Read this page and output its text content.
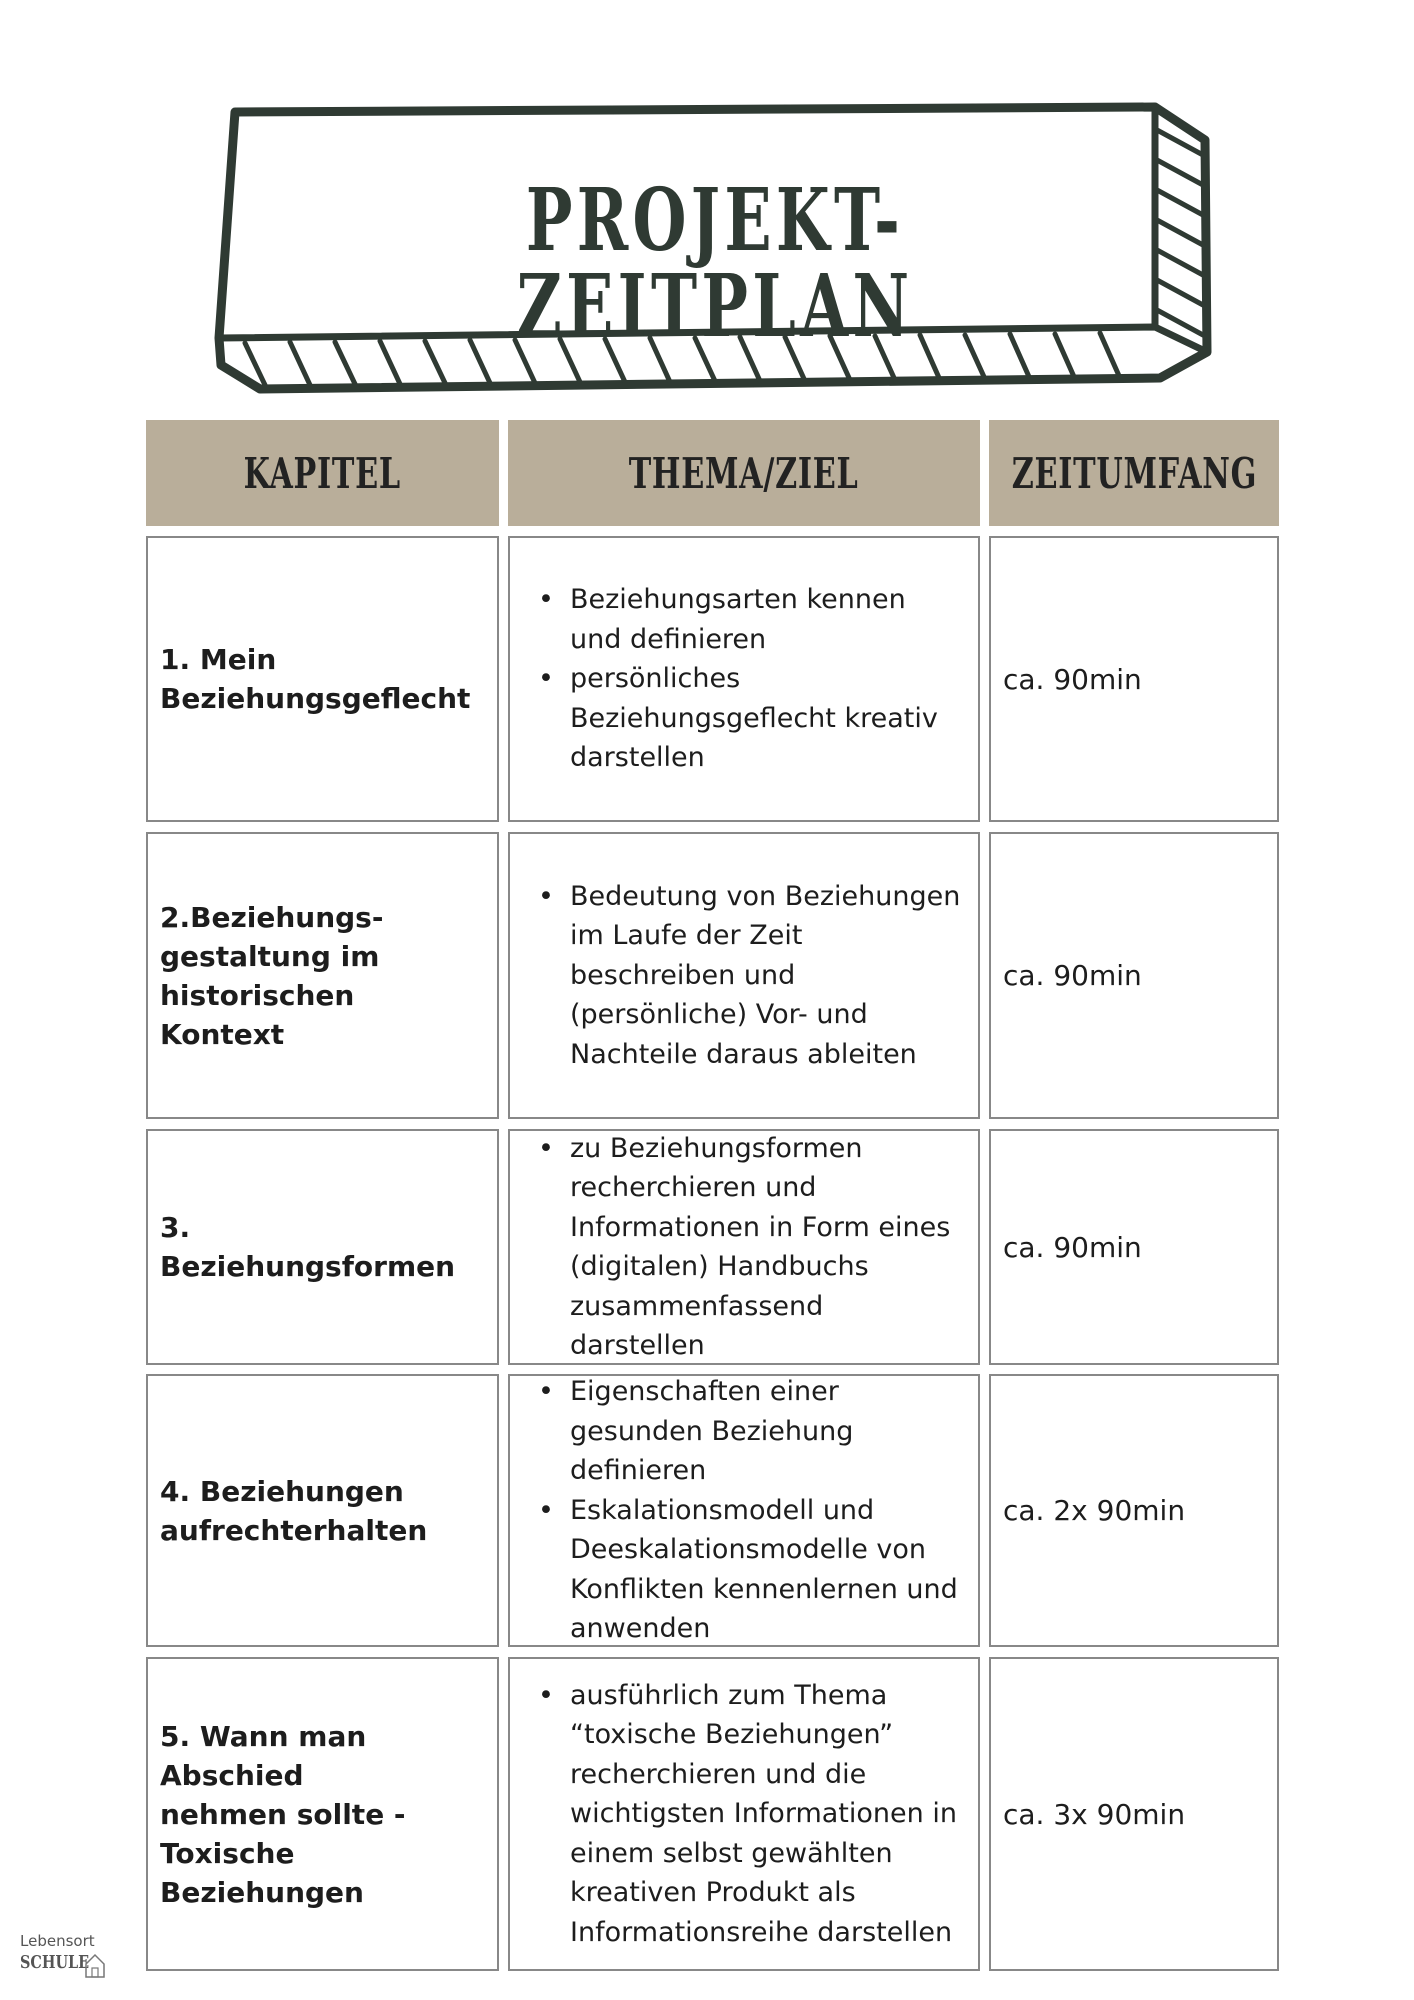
PROJEKT-ZEITPLAN
KAPITEL	THEMA/ZIEL	ZEITUMFANG
1. Mein
Beziehungsgeflecht
• Beziehungsarten kennen und definieren
• persönliches Beziehungsgeflecht kreativ darstellen
ca. 90min
2.Beziehungs-
gestaltung im
historischen Kontext
• Bedeutung von Beziehungen im Laufe der Zeit beschreiben und (persönliche) Vor- und Nachteile daraus ableiten
ca. 90min
3. Beziehungsformen
• zu Beziehungsformen recherchieren und Informationen in Form eines (digitalen) Handbuchs zusammenfassend darstellen
ca. 90min
4. Beziehungen
aufrechterhalten
• Eigenschaften einer gesunden Beziehung definieren
• Eskalationsmodell und Deeskalationsmodelle von Konflikten kennenlernen und anwenden
ca. 2x 90min
5. Wann man Abschied
nehmen sollte -
Toxische Beziehungen
• ausführlich zum Thema “toxische Beziehungen” recherchieren und die wichtigsten Informationen in einem selbst gewählten kreativen Produkt als Informationsreihe darstellen
ca. 3x 90min
Lebensort
SCHULE
